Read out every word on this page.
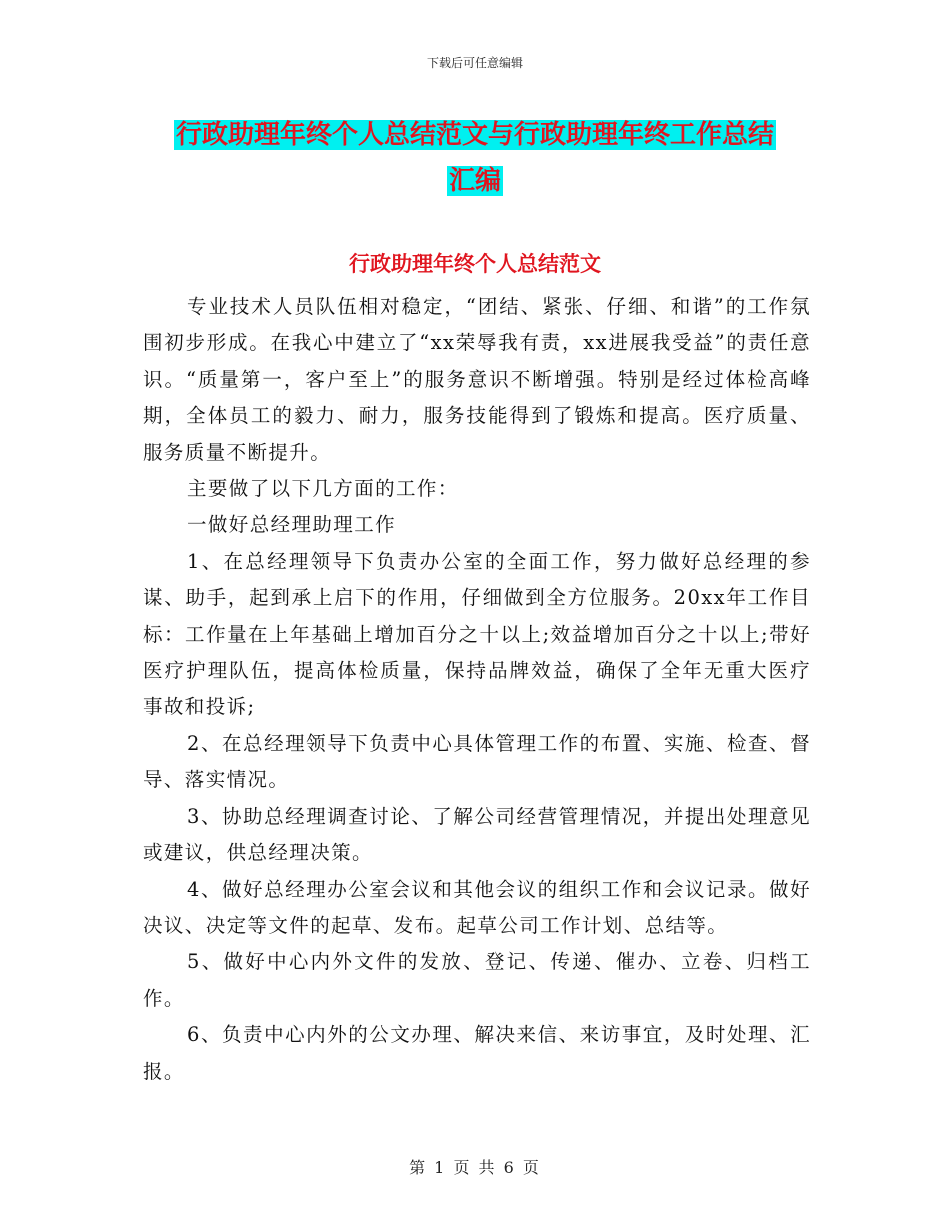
下载后可任意编辑
行政助理年终个人总结范文与行政助理年终工作总结
汇编
行政助理年终个人总结范文

专业技术人员队伍相对稳定，“团结、紧张、仔细、和谐”的工作氛围初步形成。在我心中建立了“xx荣辱我有责，xx进展我受益”的责任意识。“质量第一，客户至上”的服务意识不断增强。特别是经过体检高峰期，全体员工的毅力、耐力，服务技能得到了锻炼和提高。医疗质量、服务质量不断提升。

主要做了以下几方面的工作：

一做好总经理助理工作

1、在总经理领导下负责办公室的全面工作，努力做好总经理的参谋、助手，起到承上启下的作用，仔细做到全方位服务。20xx年工作目标：工作量在上年基础上增加百分之十以上;效益增加百分之十以上;带好医疗护理队伍，提高体检质量，保持品牌效益，确保了全年无重大医疗事故和投诉;

2、在总经理领导下负责中心具体管理工作的布置、实施、检查、督导、落实情况。

3、协助总经理调查讨论、了解公司经营管理情况，并提出处理意见或建议，供总经理决策。

4、做好总经理办公室会议和其他会议的组织工作和会议记录。做好决议、决定等文件的起草、发布。起草公司工作计划、总结等。

5、做好中心内外文件的发放、登记、传递、催办、立卷、归档工作。

6、负责中心内外的公文办理、解决来信、来访事宜，及时处理、汇报。

第 1 页 共 6 页
